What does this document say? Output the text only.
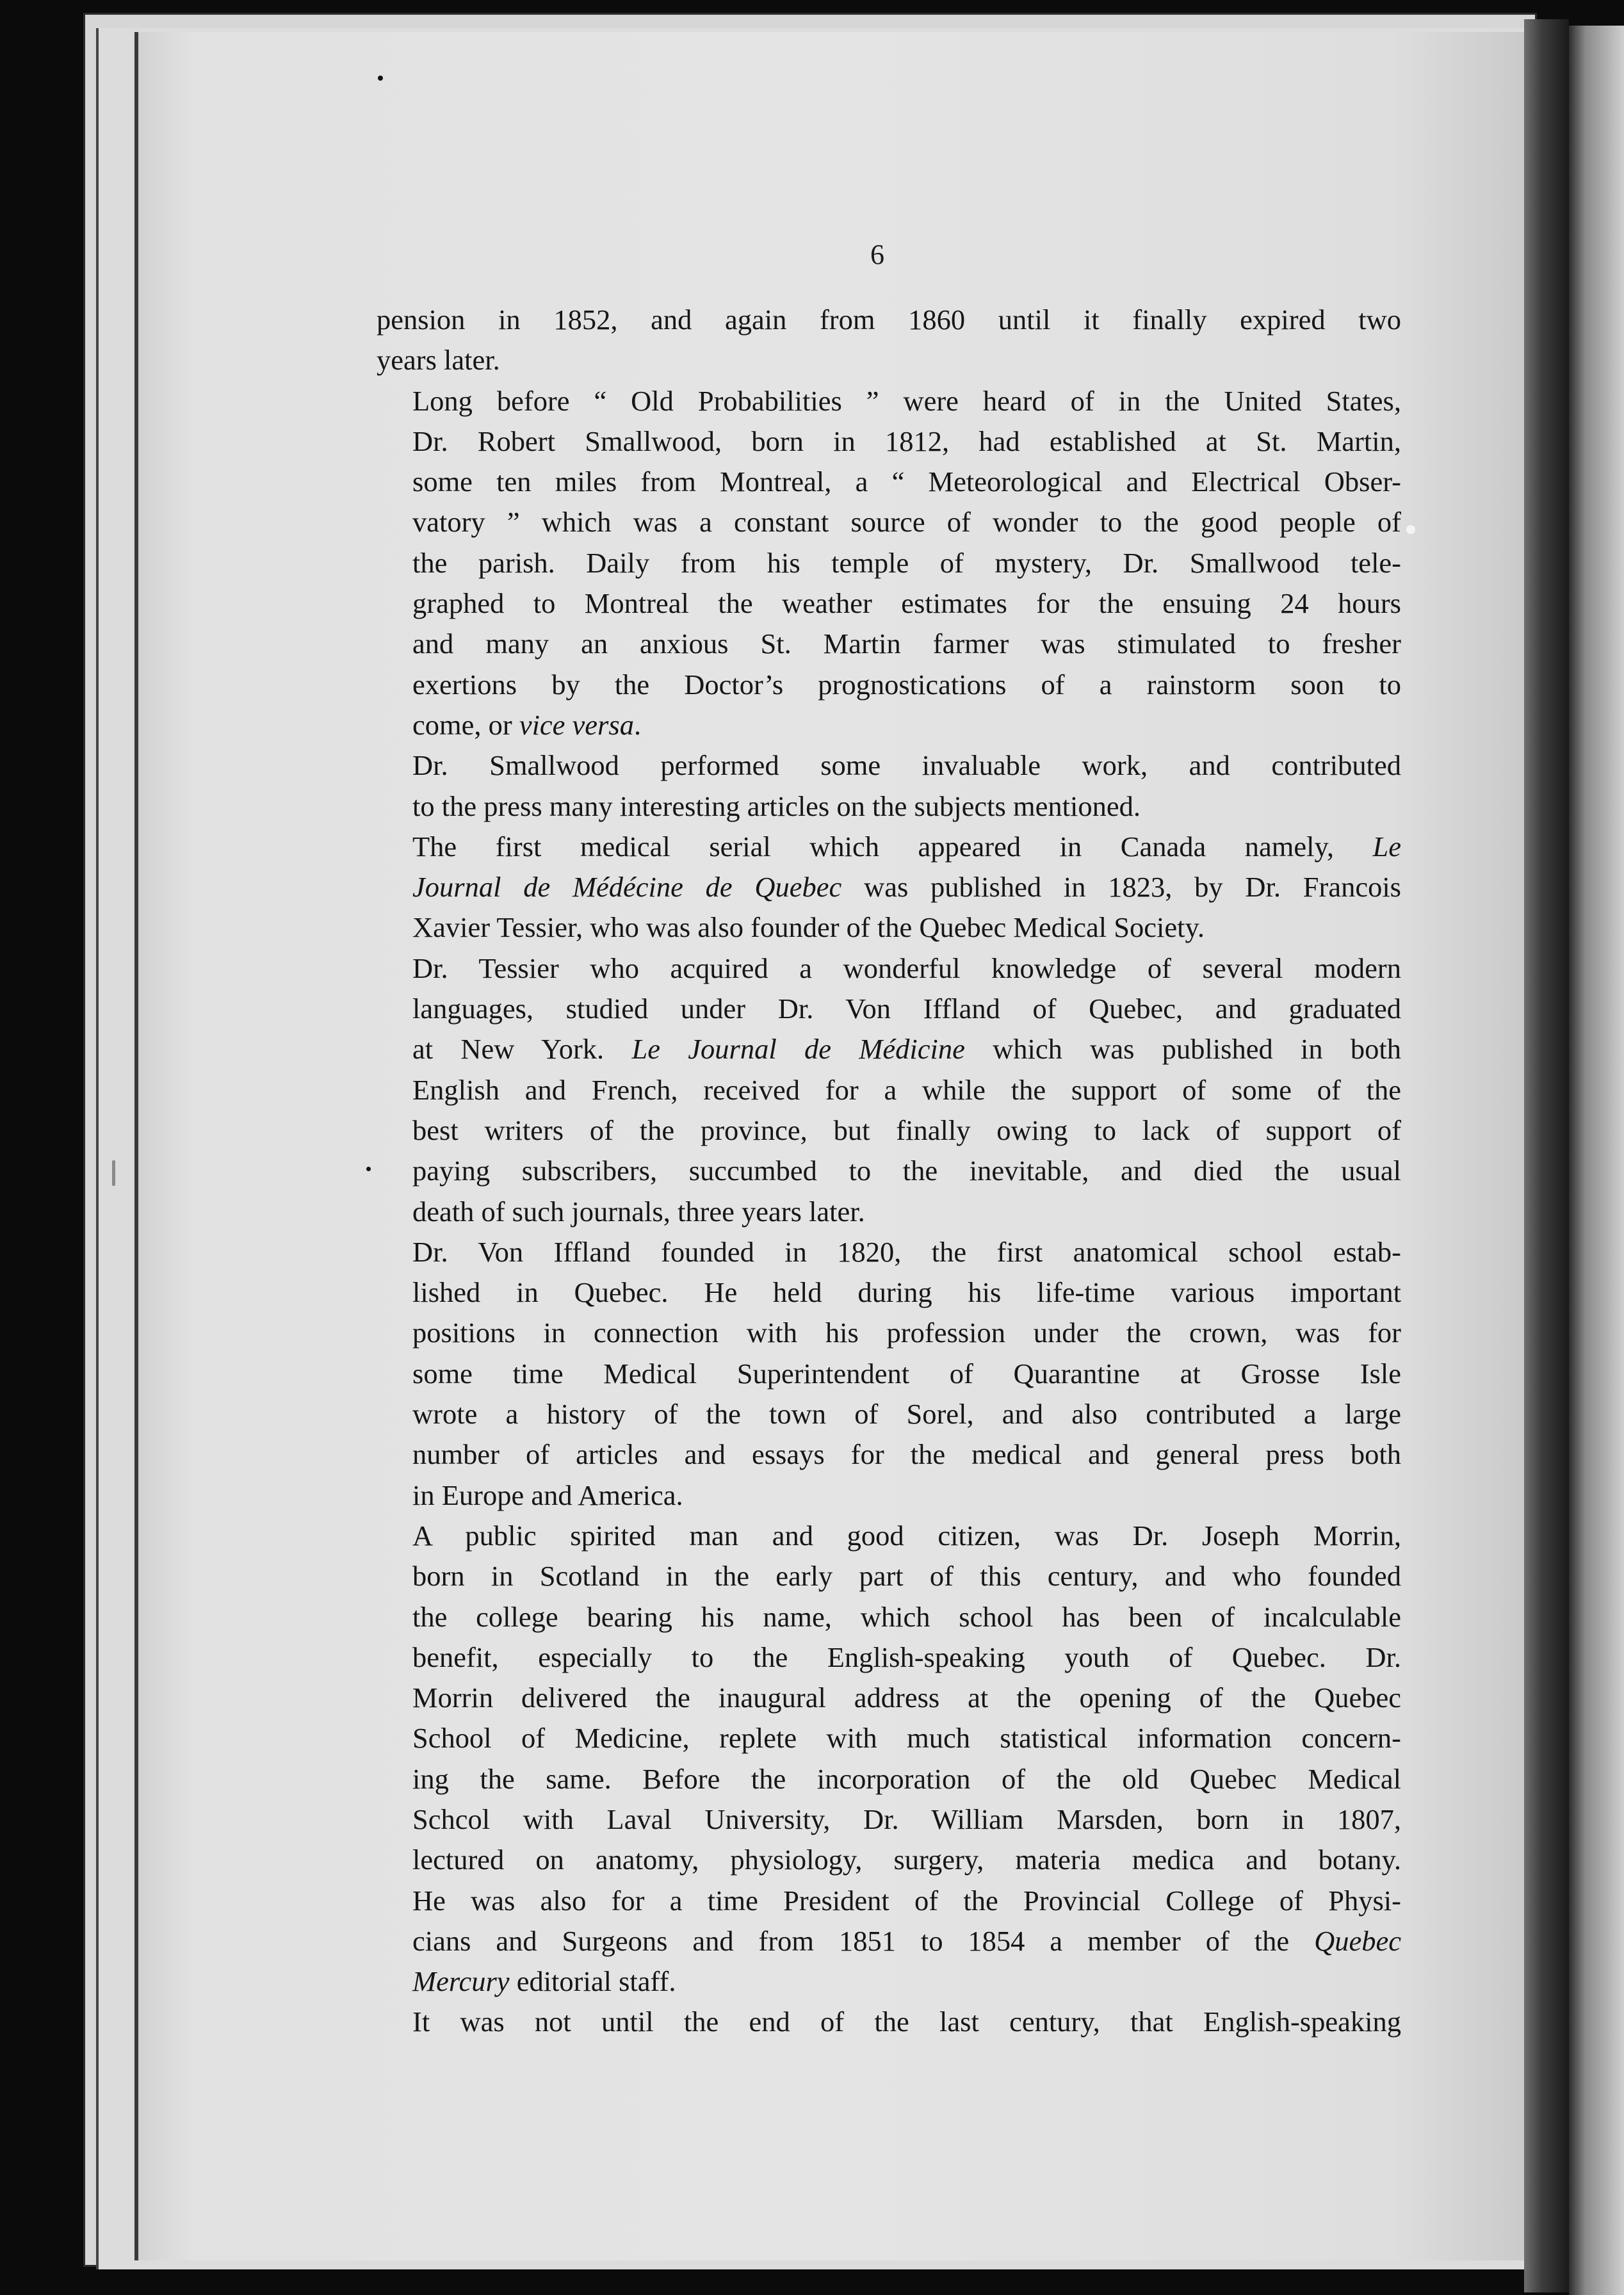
6

pension in 1852, and again from 1860 until it finally expired two
years later.

Long before “ Old Probabilities ” were heard of in the United States,
Dr. Robert Smallwood, born in 1812, had established at St. Martin,
some ten miles from Montreal, a “ Meteorological and Electrical Obser-
vatory ” which was a constant source of wonder to the good people of
the parish. Daily from his temple of mystery, Dr. Smallwood tele-
graphed to Montreal the weather estimates for the ensuing 24 hours
and many an anxious St. Martin farmer was stimulated to fresher
exertions by the Doctor’s prognostications of a rainstorm soon to
come, or vice versa.

Dr. Smallwood performed some invaluable work, and contributed
to the press many interesting articles on the subjects mentioned.

The first medical serial which appeared in Canada namely, Le
Journal de Médécine de Quebec was published in 1823, by Dr. Francois
Xavier Tessier, who was also founder of the Quebec Medical Society.

Dr. Tessier who acquired a wonderful knowledge of several modern
languages, studied under Dr. Von Iffland of Quebec, and graduated
at New York. Le Journal de Médicine which was published in both
English and French, received for a while the support of some of the
best writers of the province, but finally owing to lack of support of
paying subscribers, succumbed to the inevitable, and died the usual
death of such journals, three years later.

Dr. Von Iffland founded in 1820, the first anatomical school estab-
lished in Quebec. He held during his life-time various important
positions in connection with his profession under the crown, was for
some time Medical Superintendent of Quarantine at Grosse Isle
wrote a history of the town of Sorel, and also contributed a large
number of articles and essays for the medical and general press both
in Europe and America.

A public spirited man and good citizen, was Dr. Joseph Morrin,
born in Scotland in the early part of this century, and who founded
the college bearing his name, which school has been of incalculable
benefit, especially to the English-speaking youth of Quebec. Dr.
Morrin delivered the inaugural address at the opening of the Quebec
School of Medicine, replete with much statistical information concern-
ing the same. Before the incorporation of the old Quebec Medical
Schcol with Laval University, Dr. William Marsden, born in 1807,
lectured on anatomy, physiology, surgery, materia medica and botany.
He was also for a time President of the Provincial College of Physi-
cians and Surgeons and from 1851 to 1854 a member of the Quebec
Mercury editorial staff.

It was not until the end of the last century, that English-speaking
